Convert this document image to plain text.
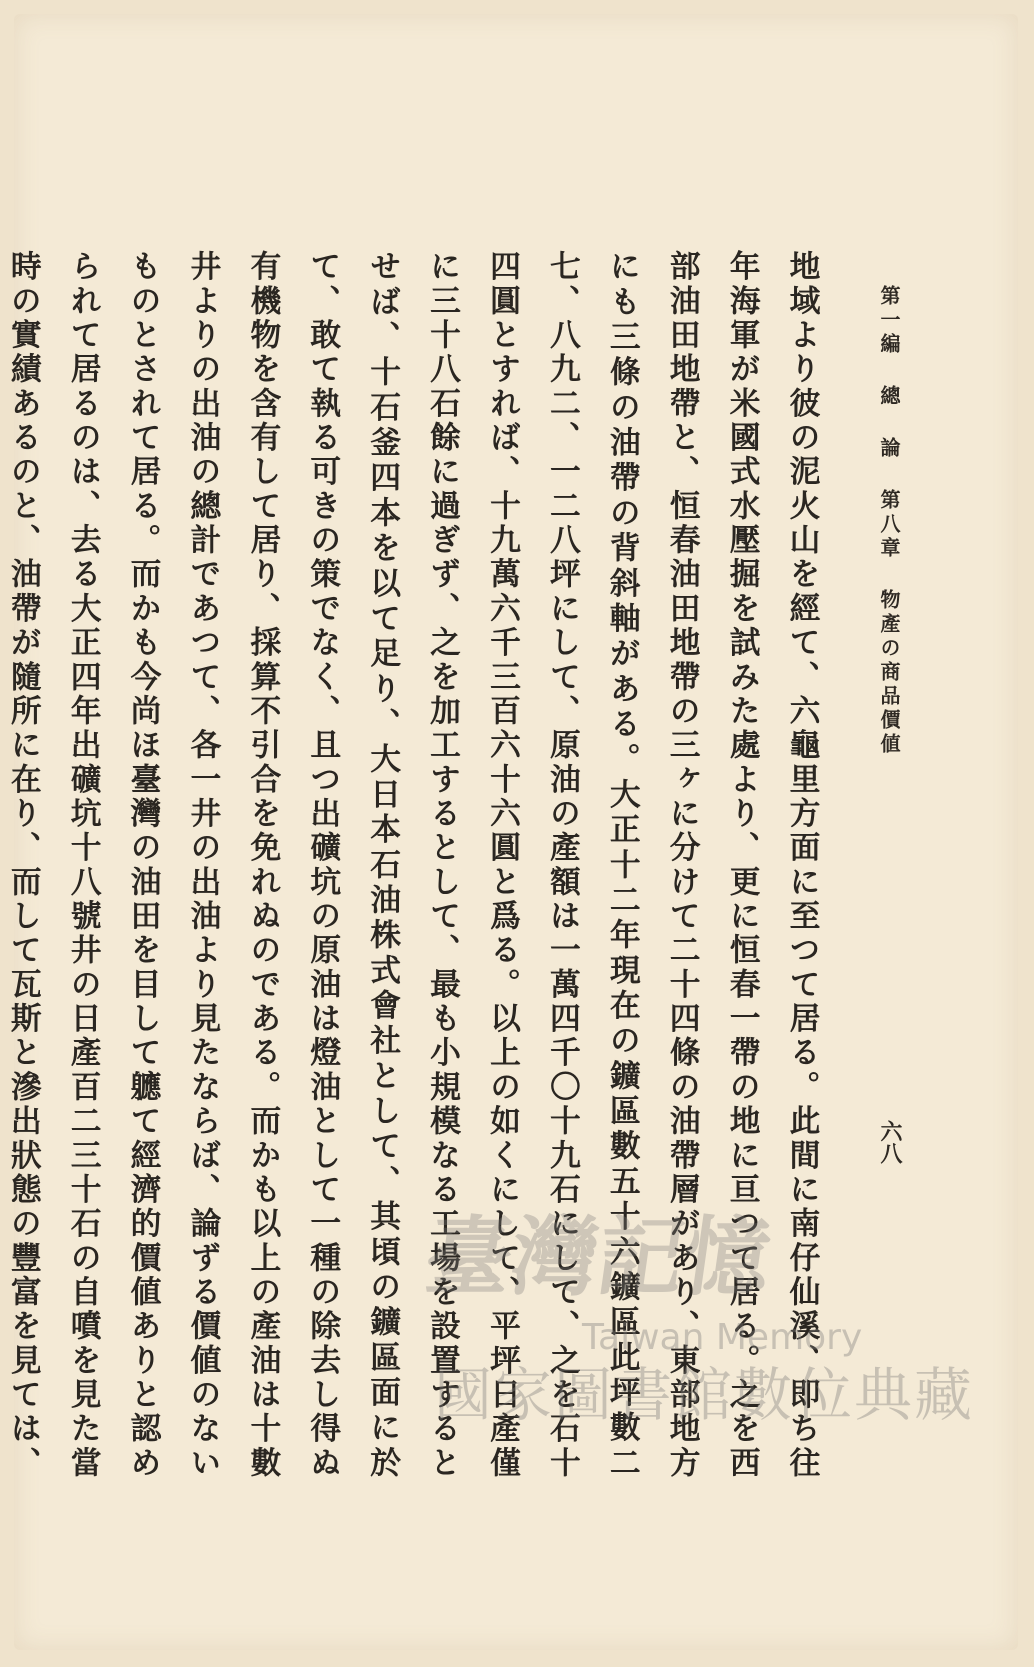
第一編 總 論 第八章 物產の商品價値
六八

地域より彼の泥火山を經て、六龜里方面に至つて居る。此間に南仔仙溪、即ち往年海軍が米國式水壓掘を試みた處より、更に恒春一帶の地に亘つて居る。之を西部油田地帶と、恒春油田地帶の三ヶに分けて二十四條の油帶層があり、東部地方にも三條の油帶の背斜軸がある。大正十二年現在の鑛區數五十六鑛區此坪數二七、八九二、一二八坪にして、原油の產額は一萬四千〇十九石にして、之を石十四圓とすれば、十九萬六千三百六十六圓と爲る。以上の如くにして、平坪日產僅に三十八石餘に過ぎず、之を加工するとして、最も小規模なる工場を設置するとせば、十石釜四本を以て足り、大日本石油株式會社として、其頃の鑛區面に於て、敢て執る可きの策でなく、且つ出礦坑の原油は燈油として一種の除去し得ぬ有機物を含有して居り、採算不引合を免れぬのである。而かも以上の產油は十數井よりの出油の總計であつて、各一井の出油より見たならば、論ずる價値のないものとされて居る。而かも今尚ほ臺灣の油田を目して軈て經濟的價値ありと認められて居るのは、去る大正四年出礦坑十八號井の日產百二三十石の自噴を見た當時の實績あるのと、油帶が隨所に在り、而して瓦斯と滲出狀態の豐富を見ては、

臺灣記憶
Taiwan Memory
國家圖書館數位典藏
